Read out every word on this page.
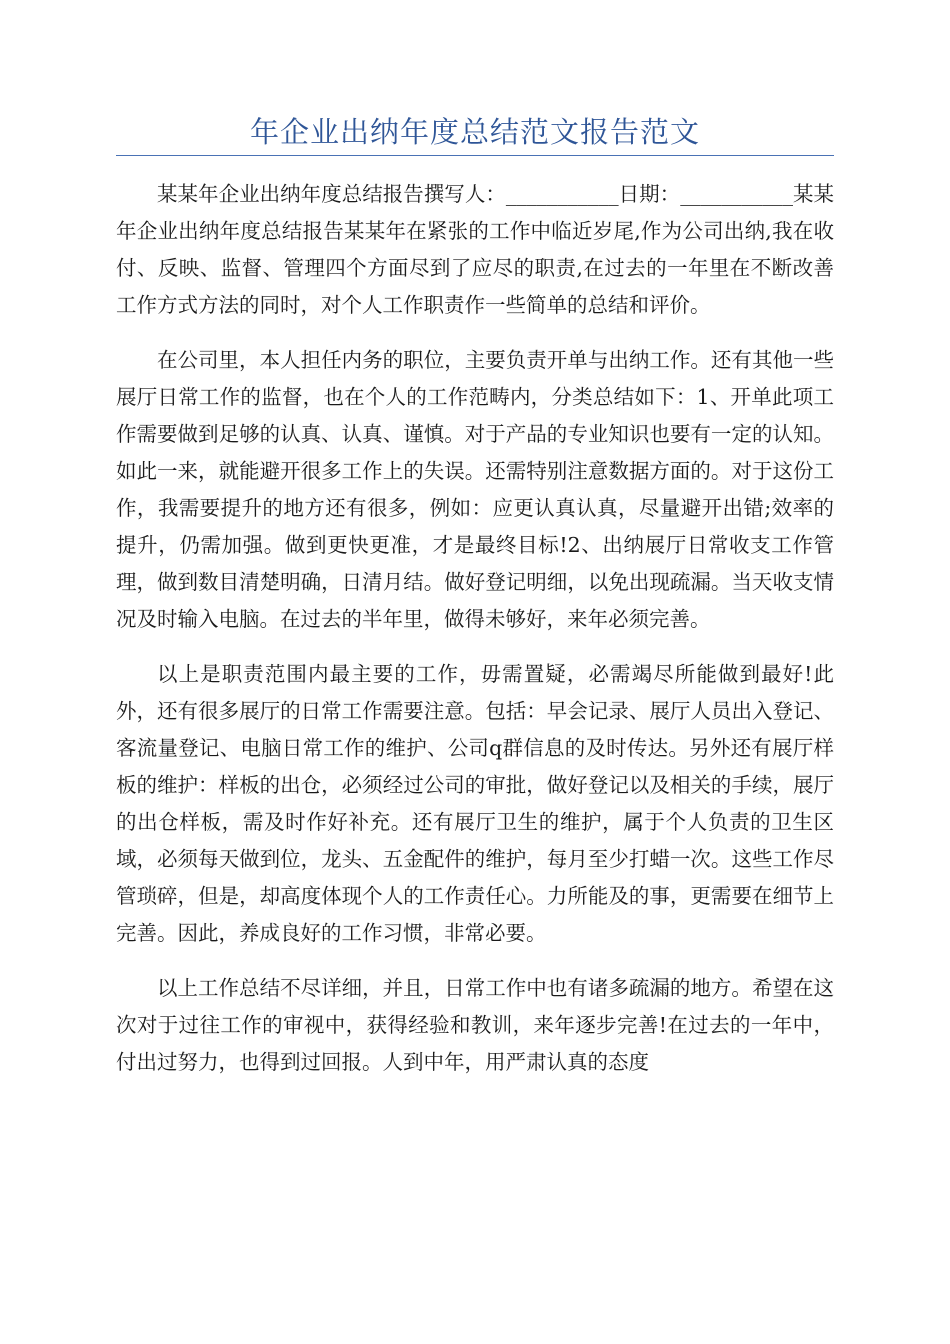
年企业出纳年度总结范文报告范文

某某年企业出纳年度总结报告撰写人：___________日期：___________某某年企业出纳年度总结报告某某年在紧张的工作中临近岁尾,作为公司出纳,我在收付、反映、监督、管理四个方面尽到了应尽的职责,在过去的一年里在不断改善工作方式方法的同时，对个人工作职责作一些简单的总结和评价。

在公司里，本人担任内务的职位，主要负责开单与出纳工作。还有其他一些展厅日常工作的监督，也在个人的工作范畴内，分类总结如下：1、开单此项工作需要做到足够的认真、认真、谨慎。对于产品的专业知识也要有一定的认知。如此一来，就能避开很多工作上的失误。还需特别注意数据方面的。对于这份工作，我需要提升的地方还有很多，例如：应更认真认真，尽量避开出错;效率的提升，仍需加强。做到更快更准，才是最终目标!2、出纳展厅日常收支工作管理，做到数目清楚明确，日清月结。做好登记明细，以免出现疏漏。当天收支情况及时输入电脑。在过去的半年里，做得未够好，来年必须完善。

以上是职责范围内最主要的工作，毋需置疑，必需竭尽所能做到最好!此外，还有很多展厅的日常工作需要注意。包括：早会记录、展厅人员出入登记、客流量登记、电脑日常工作的维护、公司q群信息的及时传达。另外还有展厅样板的维护：样板的出仓，必须经过公司的审批，做好登记以及相关的手续，展厅的出仓样板，需及时作好补充。还有展厅卫生的维护，属于个人负责的卫生区域，必须每天做到位，龙头、五金配件的维护，每月至少打蜡一次。这些工作尽管琐碎，但是，却高度体现个人的工作责任心。力所能及的事，更需要在细节上完善。因此，养成良好的工作习惯，非常必要。

以上工作总结不尽详细，并且，日常工作中也有诸多疏漏的地方。希望在这次对于过往工作的审视中，获得经验和教训，来年逐步完善!在过去的一年中，付出过努力，也得到过回报。人到中年，用严肃认真的态度
